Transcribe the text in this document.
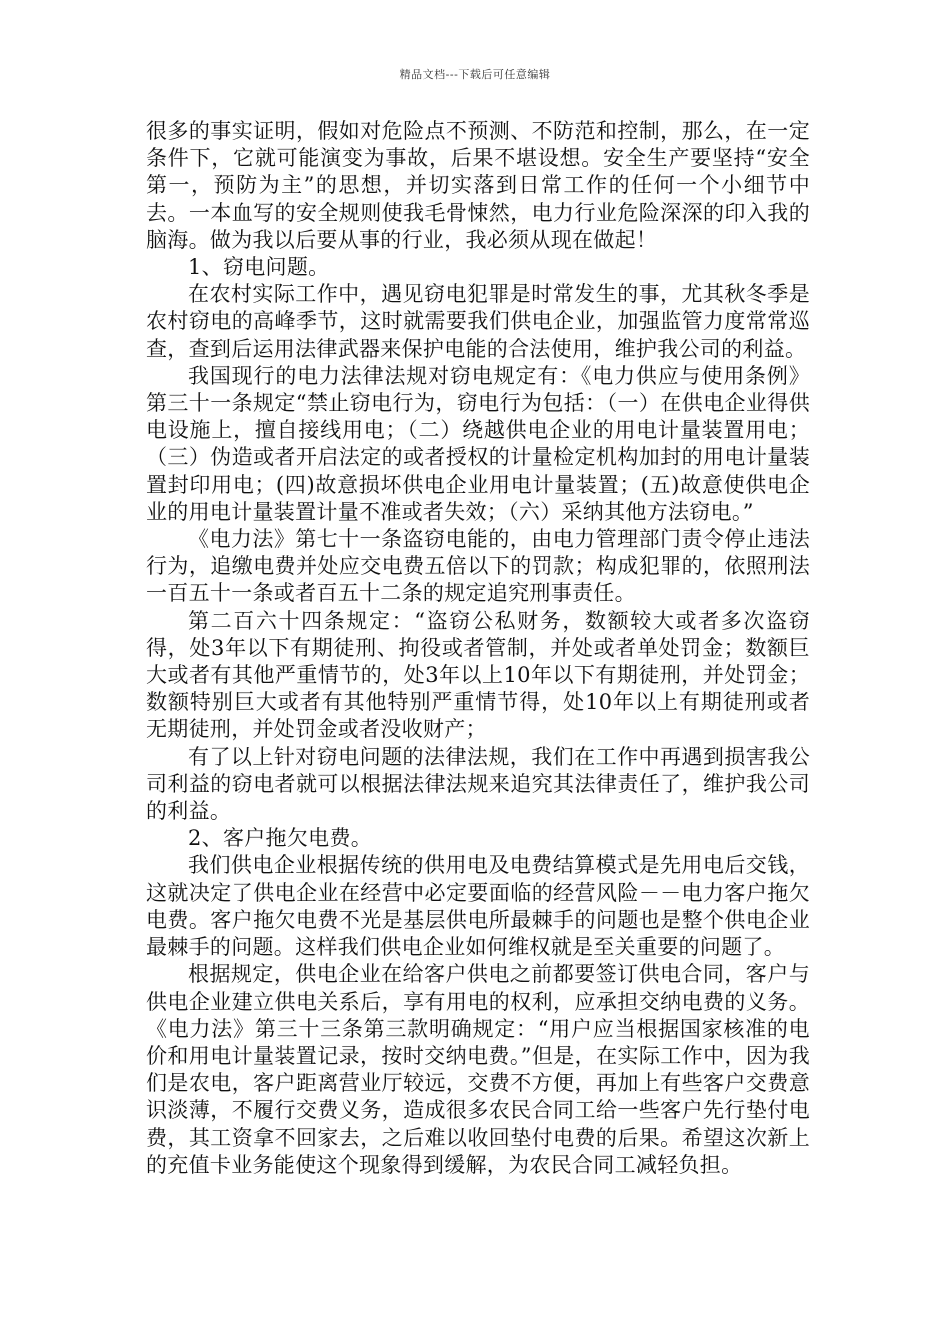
精品文档---下载后可任意编辑

很多的事实证明，假如对危险点不预测、不防范和控制，那么，在一定条件下，它就可能演变为事故，后果不堪设想。安全生产要坚持“安全第一，预防为主”的思想，并切实落到日常工作的任何一个小细节中去。一本血写的安全规则使我毛骨悚然，电力行业危险深深的印入我的脑海。做为我以后要从事的行业，我必须从现在做起！

1、窃电问题。

在农村实际工作中，遇见窃电犯罪是时常发生的事，尤其秋冬季是农村窃电的高峰季节，这时就需要我们供电企业，加强监管力度常常巡查，查到后运用法律武器来保护电能的合法使用，维护我公司的利益。

我国现行的电力法律法规对窃电规定有：《电力供应与使用条例》第三十一条规定“禁止窃电行为，窃电行为包括：（一）在供电企业得供电设施上，擅自接线用电；（二）绕越供电企业的用电计量装置用电；（三）伪造或者开启法定的或者授权的计量检定机构加封的用电计量装置封印用电；(四)故意损坏供电企业用电计量装置；(五)故意使供电企业的用电计量装置计量不准或者失效；（六）采纳其他方法窃电。”

《电力法》第七十一条盗窃电能的，由电力管理部门责令停止违法行为，追缴电费并处应交电费五倍以下的罚款；构成犯罪的，依照刑法一百五十一条或者百五十二条的规定追究刑事责任。

第二百六十四条规定：“盗窃公私财务，数额较大或者多次盗窃得，处3年以下有期徒刑、拘役或者管制，并处或者单处罚金；数额巨大或者有其他严重情节的，处3年以上10年以下有期徒刑，并处罚金；数额特别巨大或者有其他特别严重情节得，处10年以上有期徒刑或者无期徒刑，并处罚金或者没收财产；

有了以上针对窃电问题的法律法规，我们在工作中再遇到损害我公司利益的窃电者就可以根据法律法规来追究其法律责任了，维护我公司的利益。

2、客户拖欠电费。

我们供电企业根据传统的供用电及电费结算模式是先用电后交钱，这就决定了供电企业在经营中必定要面临的经营风险－－电力客户拖欠电费。客户拖欠电费不光是基层供电所最棘手的问题也是整个供电企业最棘手的问题。这样我们供电企业如何维权就是至关重要的问题了。

根据规定，供电企业在给客户供电之前都要签订供电合同，客户与供电企业建立供电关系后，享有用电的权利，应承担交纳电费的义务。《电力法》第三十三条第三款明确规定：“用户应当根据国家核准的电价和用电计量装置记录，按时交纳电费。”但是，在实际工作中，因为我们是农电，客户距离营业厅较远，交费不方便，再加上有些客户交费意识淡薄，不履行交费义务，造成很多农民合同工给一些客户先行垫付电费，其工资拿不回家去，之后难以收回垫付电费的后果。希望这次新上的充值卡业务能使这个现象得到缓解，为农民合同工减轻负担。
